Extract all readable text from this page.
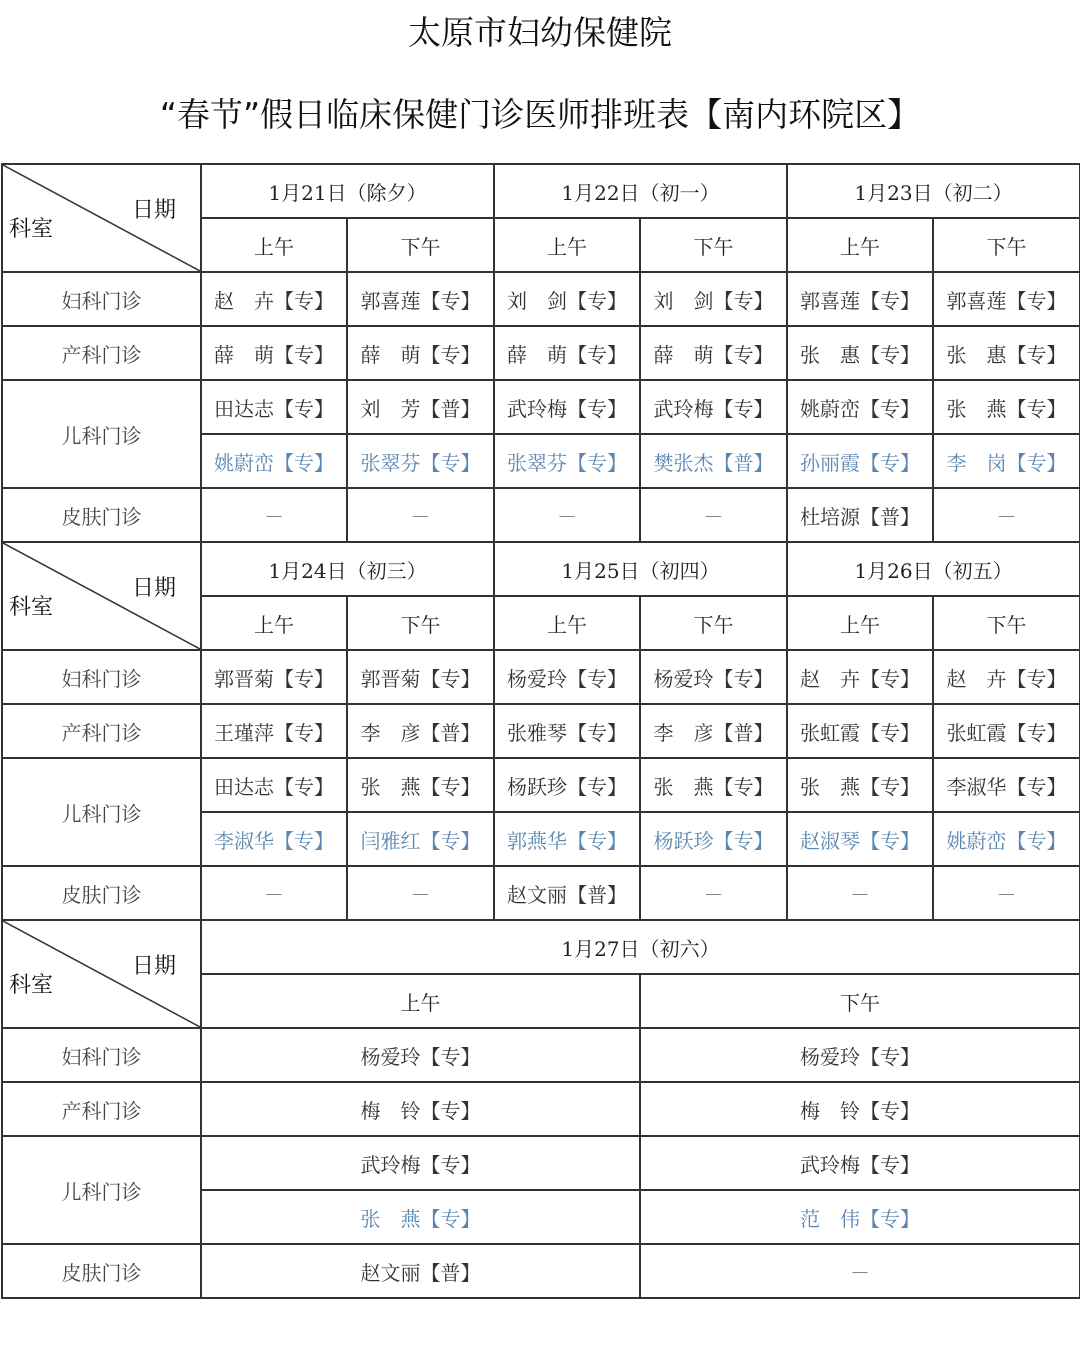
太原市妇幼保健院
“春节”假日临床保健门诊医师排班表【南内环院区】
日期
科室	1月21日（除夕）		1月22日（初一）		1月23日（初二）	
	上午	下午	上午	下午	上午	下午
妇科门诊	赵　卉【专】	郭喜莲【专】	刘　剑【专】	刘　剑【专】	郭喜莲【专】	郭喜莲【专】
产科门诊	薛　萌【专】	薛　萌【专】	薛　萌【专】	薛　萌【专】	张　惠【专】	张　惠【专】
儿科门诊	田达志【专】	刘　芳【普】	武玲梅【专】	武玲梅【专】	姚蔚峦【专】	张　燕【专】
	姚蔚峦【专】	张翠芬【专】	张翠芬【专】	樊张杰【普】	孙丽霞【专】	李　岗【专】
皮肤门诊	－	－	－	－	杜培源【普】	－

日期
科室	1月24日（初三）		1月25日（初四）		1月26日（初五）	
	上午	下午	上午	下午	上午	下午
妇科门诊	郭晋菊【专】	郭晋菊【专】	杨爱玲【专】	杨爱玲【专】	赵　卉【专】	赵　卉【专】
产科门诊	王瑾萍【专】	李　彦【普】	张雅琴【专】	李　彦【普】	张虹霞【专】	张虹霞【专】
儿科门诊	田达志【专】	张　燕【专】	杨跃珍【专】	张　燕【专】	张　燕【专】	李淑华【专】
	李淑华【专】	闫雅红【专】	郭燕华【专】	杨跃珍【专】	赵淑琴【专】	姚蔚峦【专】
皮肤门诊	－	－	赵文丽【普】	－	－	－

日期
科室	1月27日（初六）					
	上午			下午		
妇科门诊	杨爱玲【专】			杨爱玲【专】		
产科门诊	梅　铃【专】			梅　铃【专】		
儿科门诊	武玲梅【专】			武玲梅【专】		
	张　燕【专】			范　伟【专】		
皮肤门诊	赵文丽【普】			－		
